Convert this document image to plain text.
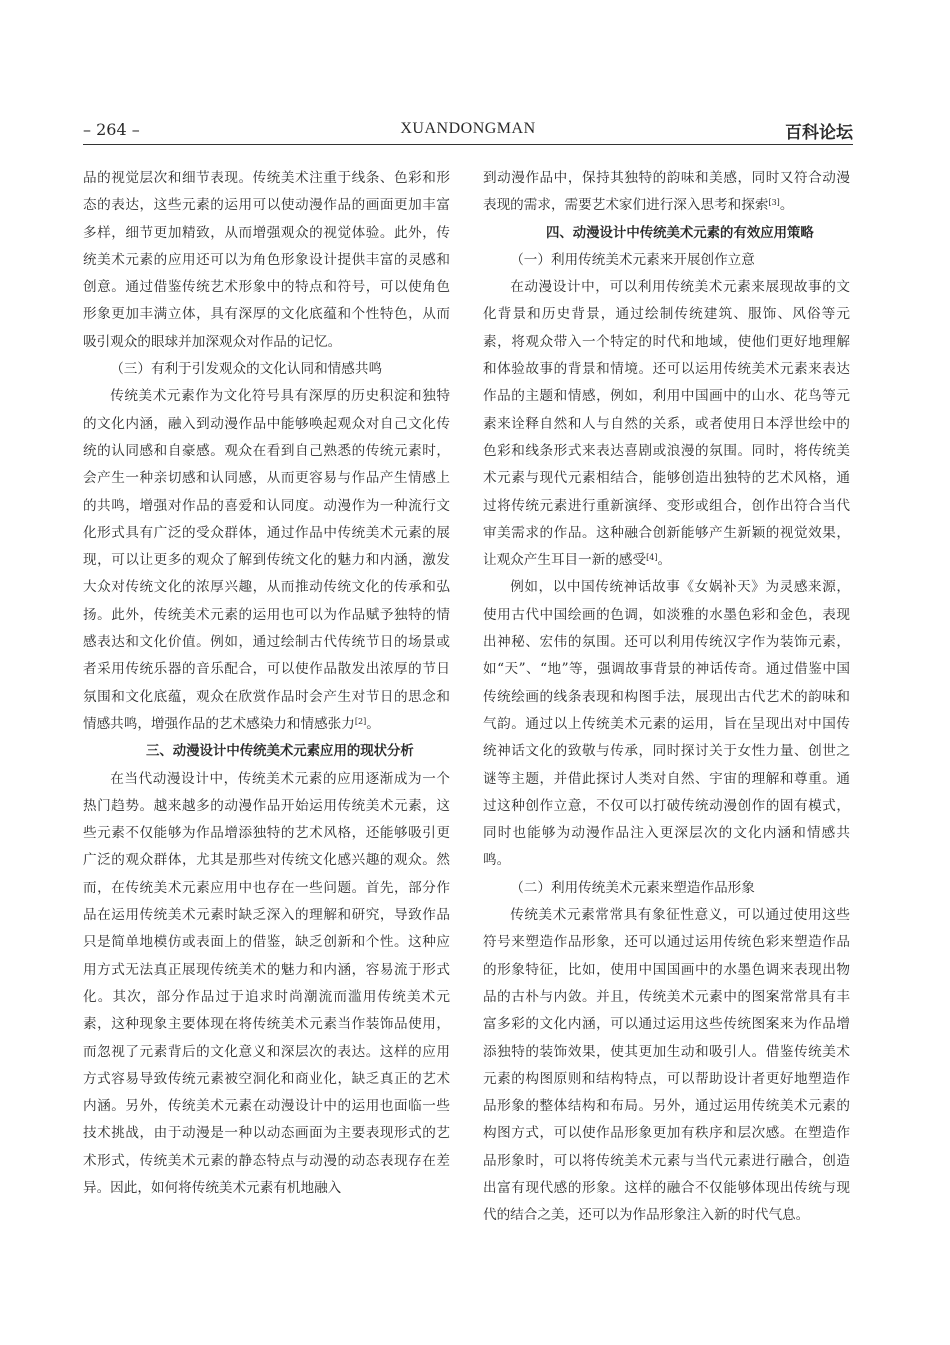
– 264 –	XUANDONGMAN	百科论坛

品的视觉层次和细节表现。传统美术注重于线条、色彩和形态的表达，这些元素的运用可以使动漫作品的画面更加丰富多样，细节更加精致，从而增强观众的视觉体验。此外，传统美术元素的应用还可以为角色形象设计提供丰富的灵感和创意。通过借鉴传统艺术形象中的特点和符号，可以使角色形象更加丰满立体，具有深厚的文化底蕴和个性特色，从而吸引观众的眼球并加深观众对作品的记忆。

（三）有利于引发观众的文化认同和情感共鸣

传统美术元素作为文化符号具有深厚的历史积淀和独特的文化内涵，融入到动漫作品中能够唤起观众对自己文化传统的认同感和自豪感。观众在看到自己熟悉的传统元素时，会产生一种亲切感和认同感，从而更容易与作品产生情感上的共鸣，增强对作品的喜爱和认同度。动漫作为一种流行文化形式具有广泛的受众群体，通过作品中传统美术元素的展现，可以让更多的观众了解到传统文化的魅力和内涵，激发大众对传统文化的浓厚兴趣，从而推动传统文化的传承和弘扬。此外，传统美术元素的运用也可以为作品赋予独特的情感表达和文化价值。例如，通过绘制古代传统节日的场景或者采用传统乐器的音乐配合，可以使作品散发出浓厚的节日氛围和文化底蕴，观众在欣赏作品时会产生对节日的思念和情感共鸣，增强作品的艺术感染力和情感张力[2]。

三、动漫设计中传统美术元素应用的现状分析

在当代动漫设计中，传统美术元素的应用逐渐成为一个热门趋势。越来越多的动漫作品开始运用传统美术元素，这些元素不仅能够为作品增添独特的艺术风格，还能够吸引更广泛的观众群体，尤其是那些对传统文化感兴趣的观众。然而，在传统美术元素应用中也存在一些问题。首先，部分作品在运用传统美术元素时缺乏深入的理解和研究，导致作品只是简单地模仿或表面上的借鉴，缺乏创新和个性。这种应用方式无法真正展现传统美术的魅力和内涵，容易流于形式化。其次，部分作品过于追求时尚潮流而滥用传统美术元素，这种现象主要体现在将传统美术元素当作装饰品使用，而忽视了元素背后的文化意义和深层次的表达。这样的应用方式容易导致传统元素被空洞化和商业化，缺乏真正的艺术内涵。另外，传统美术元素在动漫设计中的运用也面临一些技术挑战，由于动漫是一种以动态画面为主要表现形式的艺术形式，传统美术元素的静态特点与动漫的动态表现存在差异。因此，如何将传统美术元素有机地融入

到动漫作品中，保持其独特的韵味和美感，同时又符合动漫表现的需求，需要艺术家们进行深入思考和探索[3]。

四、动漫设计中传统美术元素的有效应用策略

（一）利用传统美术元素来开展创作立意

在动漫设计中，可以利用传统美术元素来展现故事的文化背景和历史背景，通过绘制传统建筑、服饰、风俗等元素，将观众带入一个特定的时代和地域，使他们更好地理解和体验故事的背景和情境。还可以运用传统美术元素来表达作品的主题和情感，例如，利用中国画中的山水、花鸟等元素来诠释自然和人与自然的关系，或者使用日本浮世绘中的色彩和线条形式来表达喜剧或浪漫的氛围。同时，将传统美术元素与现代元素相结合，能够创造出独特的艺术风格，通过将传统元素进行重新演绎、变形或组合，创作出符合当代审美需求的作品。这种融合创新能够产生新颖的视觉效果，让观众产生耳目一新的感受[4]。

例如，以中国传统神话故事《女娲补天》为灵感来源，使用古代中国绘画的色调，如淡雅的水墨色彩和金色，表现出神秘、宏伟的氛围。还可以利用传统汉字作为装饰元素，如“天”、“地”等，强调故事背景的神话传奇。通过借鉴中国传统绘画的线条表现和构图手法，展现出古代艺术的韵味和气韵。通过以上传统美术元素的运用，旨在呈现出对中国传统神话文化的致敬与传承，同时探讨关于女性力量、创世之谜等主题，并借此探讨人类对自然、宇宙的理解和尊重。通过这种创作立意，不仅可以打破传统动漫创作的固有模式，同时也能够为动漫作品注入更深层次的文化内涵和情感共鸣。

（二）利用传统美术元素来塑造作品形象

传统美术元素常常具有象征性意义，可以通过使用这些符号来塑造作品形象，还可以通过运用传统色彩来塑造作品的形象特征，比如，使用中国国画中的水墨色调来表现出物品的古朴与内敛。并且，传统美术元素中的图案常常具有丰富多彩的文化内涵，可以通过运用这些传统图案来为作品增添独特的装饰效果，使其更加生动和吸引人。借鉴传统美术元素的构图原则和结构特点，可以帮助设计者更好地塑造作品形象的整体结构和布局。另外，通过运用传统美术元素的构图方式，可以使作品形象更加有秩序和层次感。在塑造作品形象时，可以将传统美术元素与当代元素进行融合，创造出富有现代感的形象。这样的融合不仅能够体现出传统与现代的结合之美，还可以为作品形象注入新的时代气息。
